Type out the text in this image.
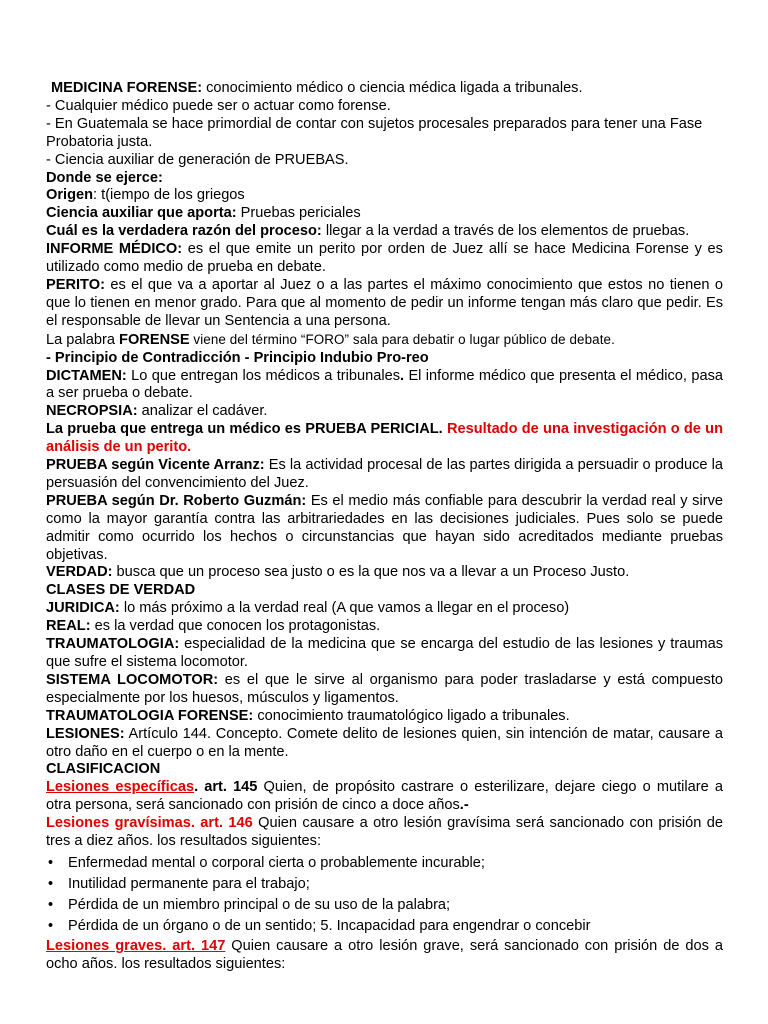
MEDICINA FORENSE: conocimiento médico o ciencia médica ligada a tribunales.

- Cualquier médico puede ser o actuar como forense.

- En Guatemala se hace primordial de contar con sujetos procesales preparados para tener una Fase Probatoria justa.

- Ciencia auxiliar de generación de PRUEBAS.

Donde se ejerce:

Origen: t(iempo de los griegos

Ciencia auxiliar que aporta: Pruebas periciales

Cuál es la verdadera razón del proceso: llegar a la verdad a través de los elementos de pruebas.

INFORME MÉDICO: es el que emite un perito por orden de Juez allí se hace Medicina Forense y es utilizado como medio de prueba en debate.

PERITO: es el que va a aportar al Juez o a las partes el máximo conocimiento que estos no tienen o que lo tienen en menor grado. Para que al momento de pedir un informe tengan más claro que pedir. Es el responsable de llevar un Sentencia a una persona.

La palabra FORENSE viene del término “FORO” sala para debatir o lugar público de debate.

- Principio de Contradicción - Principio Indubio Pro-reo

DICTAMEN: Lo que entregan los médicos a tribunales. El informe médico que presenta el médico, pasa a ser prueba o debate.

NECROPSIA: analizar el cadáver.

La prueba que entrega un médico es PRUEBA PERICIAL. Resultado de una investigación o de un análisis de un perito.

PRUEBA según Vicente Arranz: Es la actividad procesal de las partes dirigida a persuadir o produce la persuasión del convencimiento del Juez.

PRUEBA según Dr. Roberto Guzmán: Es el medio más confiable para descubrir la verdad real y sirve como la mayor garantía contra las arbitrariedades en las decisiones judiciales. Pues solo se puede admitir como ocurrido los hechos o circunstancias que hayan sido acreditados mediante pruebas objetivas.

VERDAD: busca que un proceso sea justo o es la que nos va a llevar a un Proceso Justo.

CLASES DE VERDAD

JURIDICA: lo más próximo a la verdad real (A que vamos a llegar en el proceso)

REAL: es la verdad que conocen los protagonistas.

TRAUMATOLOGIA: especialidad de la medicina que se encarga del estudio de las lesiones y traumas que sufre el sistema locomotor.

SISTEMA LOCOMOTOR: es el que le sirve al organismo para poder trasladarse y está compuesto especialmente por los huesos, músculos y ligamentos.

TRAUMATOLOGIA FORENSE: conocimiento traumatológico ligado a tribunales.

LESIONES: Artículo 144. Concepto. Comete delito de lesiones quien, sin intención de matar, causare a otro daño en el cuerpo o en la mente.

CLASIFICACION

Lesiones específicas. art. 145 Quien, de propósito castrare o esterilizare, dejare ciego o mutilare a otra persona, será sancionado con prisión de cinco a doce años.-

Lesiones gravísimas. art. 146 Quien causare a otro lesión gravísima será sancionado con prisión de tres a diez años. los resultados siguientes:

• Enfermedad mental o corporal cierta o probablemente incurable;
• Inutilidad permanente para el trabajo;
• Pérdida de un miembro principal o de su uso de la palabra;
• Pérdida de un órgano o de un sentido; 5. Incapacidad para engendrar o concebir

Lesiones graves. art. 147 Quien causare a otro lesión grave, será sancionado con prisión de dos a ocho años. los resultados siguientes:
